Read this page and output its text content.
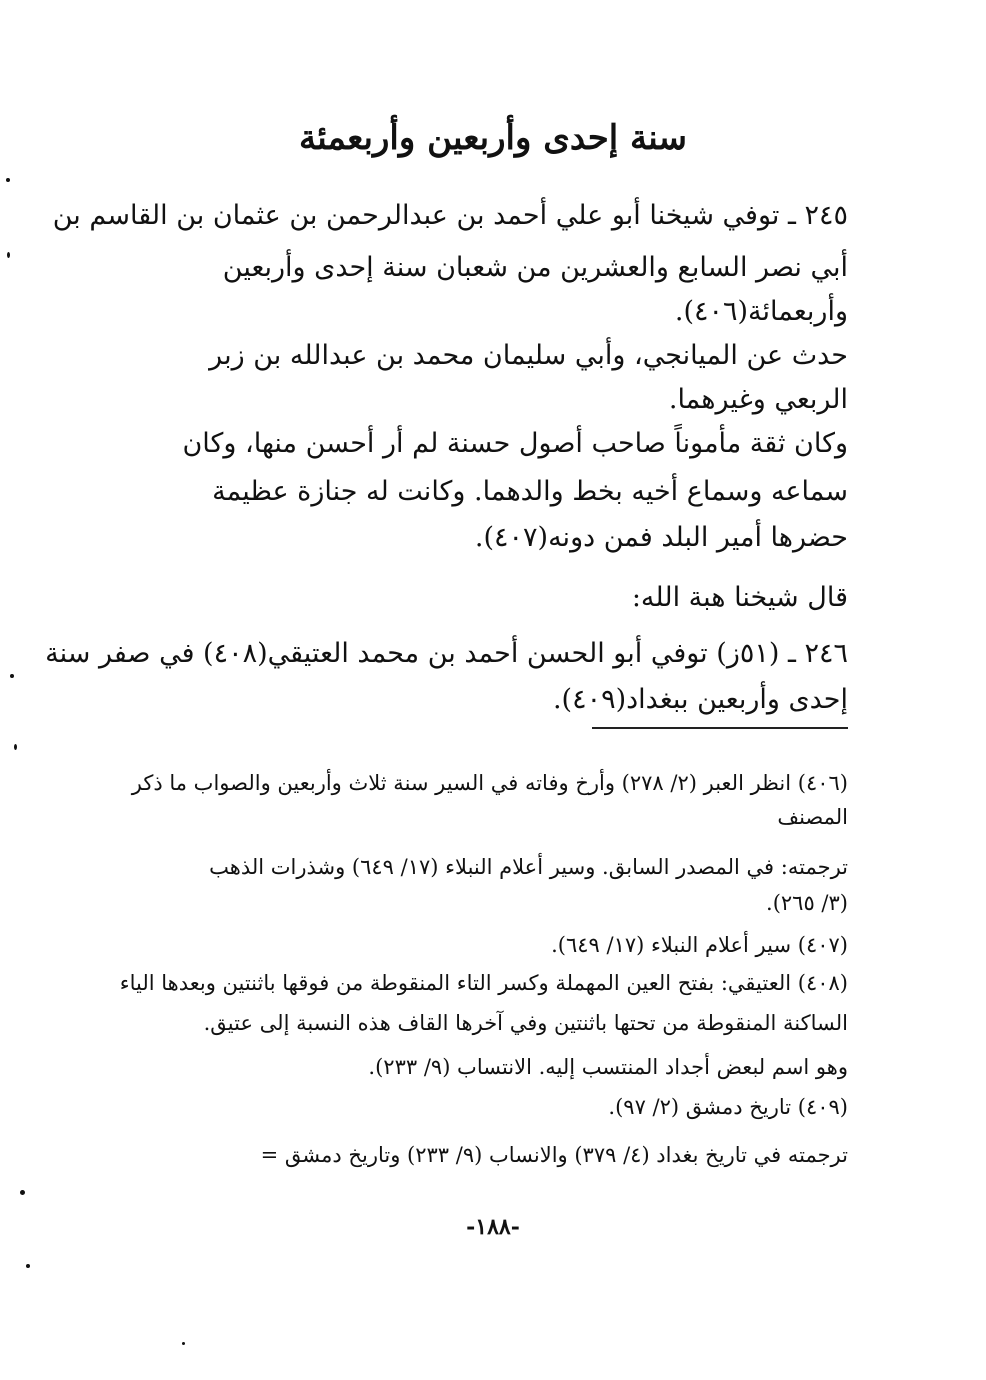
سنة إحدى وأربعين وأربعمئة
٢٤٥ ـ توفي شيخنا أبو علي أحمد بن عبدالرحمن بن عثمان بن القاسم بن
أبي نصر السابع والعشرين من شعبان سنة إحدى وأربعين
وأربعمائة(٤٠٦).
حدث عن الميانجي، وأبي سليمان محمد بن عبدالله بن زبر
الربعي وغيرهما.
وكان ثقة مأموناً صاحب أصول حسنة لم أر أحسن منها، وكان
سماعه وسماع أخيه بخط والدهما. وكانت له جنازة عظيمة
حضرها أمير البلد فمن دونه(٤٠٧).
قال شيخنا هبة الله:
٢٤٦ ـ (٥١ز) توفي أبو الحسن أحمد بن محمد العتيقي(٤٠٨) في صفر سنة
إحدى وأربعين ببغداد(٤٠٩).
(٤٠٦) انظر العبر (٢/ ٢٧٨) وأرخ وفاته في السير سنة ثلاث وأربعين والصواب ما ذكر
المصنف
ترجمته: في المصدر السابق. وسير أعلام النبلاء (١٧/ ٦٤٩) وشذرات الذهب
(٣/ ٢٦٥).
(٤٠٧) سير أعلام النبلاء (١٧/ ٦٤٩).
(٤٠٨) العتيقي: بفتح العين المهملة وكسر التاء المنقوطة من فوقها باثنتين وبعدها الياء
الساكنة المنقوطة من تحتها باثنتين وفي آخرها القاف هذه النسبة إلى عتيق.
وهو اسم لبعض أجداد المنتسب إليه. الانتساب (٩/ ٢٣٣).
(٤٠٩) تاريخ دمشق (٢/ ٩٧).
ترجمته في تاريخ بغداد (٤/ ٣٧٩) والانساب (٩/ ٢٣٣) وتاريخ دمشق =
-١٨٨-
